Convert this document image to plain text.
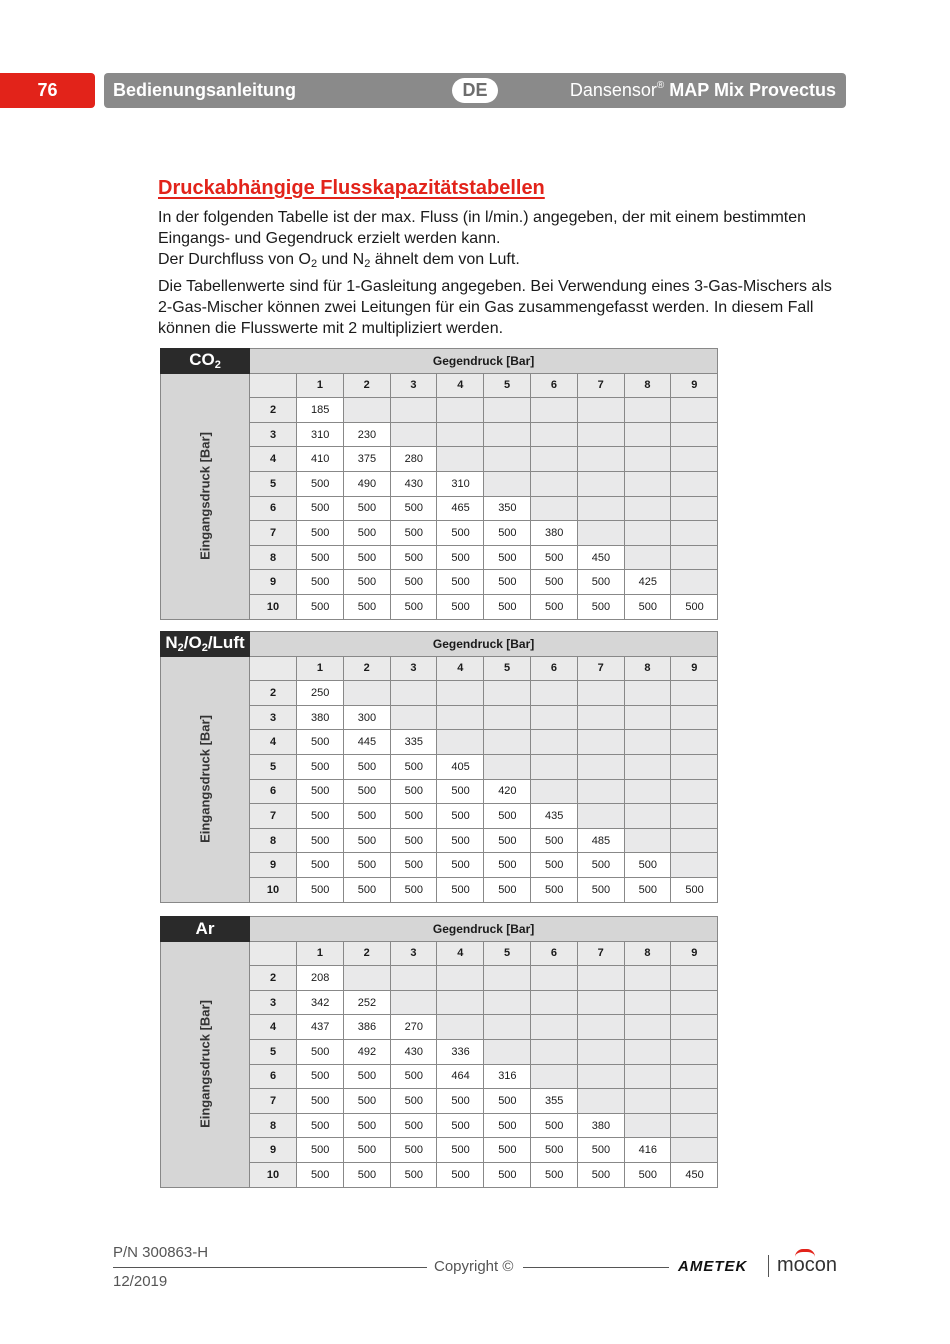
76	Bedienungsanleitung	DE	Dansensor® MAP Mix Provectus
Druckabhängige Flusskapazitätstabellen
In der folgenden Tabelle ist der max. Fluss (in l/min.) angegeben, der mit einem bestimmten
Eingangs- und Gegendruck erzielt werden kann.
Der Durchfluss von $O_2$ und $N_2$ ähnelt dem von Luft.
Die Tabellenwerte sind für 1-Gasleitung angegeben. Bei Verwendung eines 3-Gas-Mischers als 2-Gas-Mischer können zwei Leitungen für ein Gas zusammengefasst werden. In diesem Fall können die Flusswerte mit 2 multipliziert werden.
$CO_2$	Gegendruck [Bar]									

Eingangsdruck [Bar]		1	2	3	4	5	6	7	8	9
	2	185								
	3	310	230							
	4	410	375	280						
	5	500	490	430	310					
	6	500	500	500	465	350				
	7	500	500	500	500	500	380			
	8	500	500	500	500	500	500	450		
	9	500	500	500	500	500	500	500	425	
	10	500	500	500	500	500	500	500	500	500
$N_2/O_2$/Luft	Gegendruck [Bar]									

Eingangsdruck [Bar]		1	2	3	4	5	6	7	8	9
	2	250								
	3	380	300							
	4	500	445	335						
	5	500	500	500	405					
	6	500	500	500	500	420				
	7	500	500	500	500	500	435			
	8	500	500	500	500	500	500	485		
	9	500	500	500	500	500	500	500	500	
	10	500	500	500	500	500	500	500	500	500
Ar	Gegendruck [Bar]									

Eingangsdruck [Bar]		1	2	3	4	5	6	7	8	9
	2	208								
	3	342	252							
	4	437	386	270						
	5	500	492	430	336					
	6	500	500	500	464	316				
	7	500	500	500	500	500	355			
	8	500	500	500	500	500	500	380		
	9	500	500	500	500	500	500	500	416	
	10	500	500	500	500	500	500	500	500	450
P/N 300863-H
12/2019
Copyright ©	AMETEK mocon
